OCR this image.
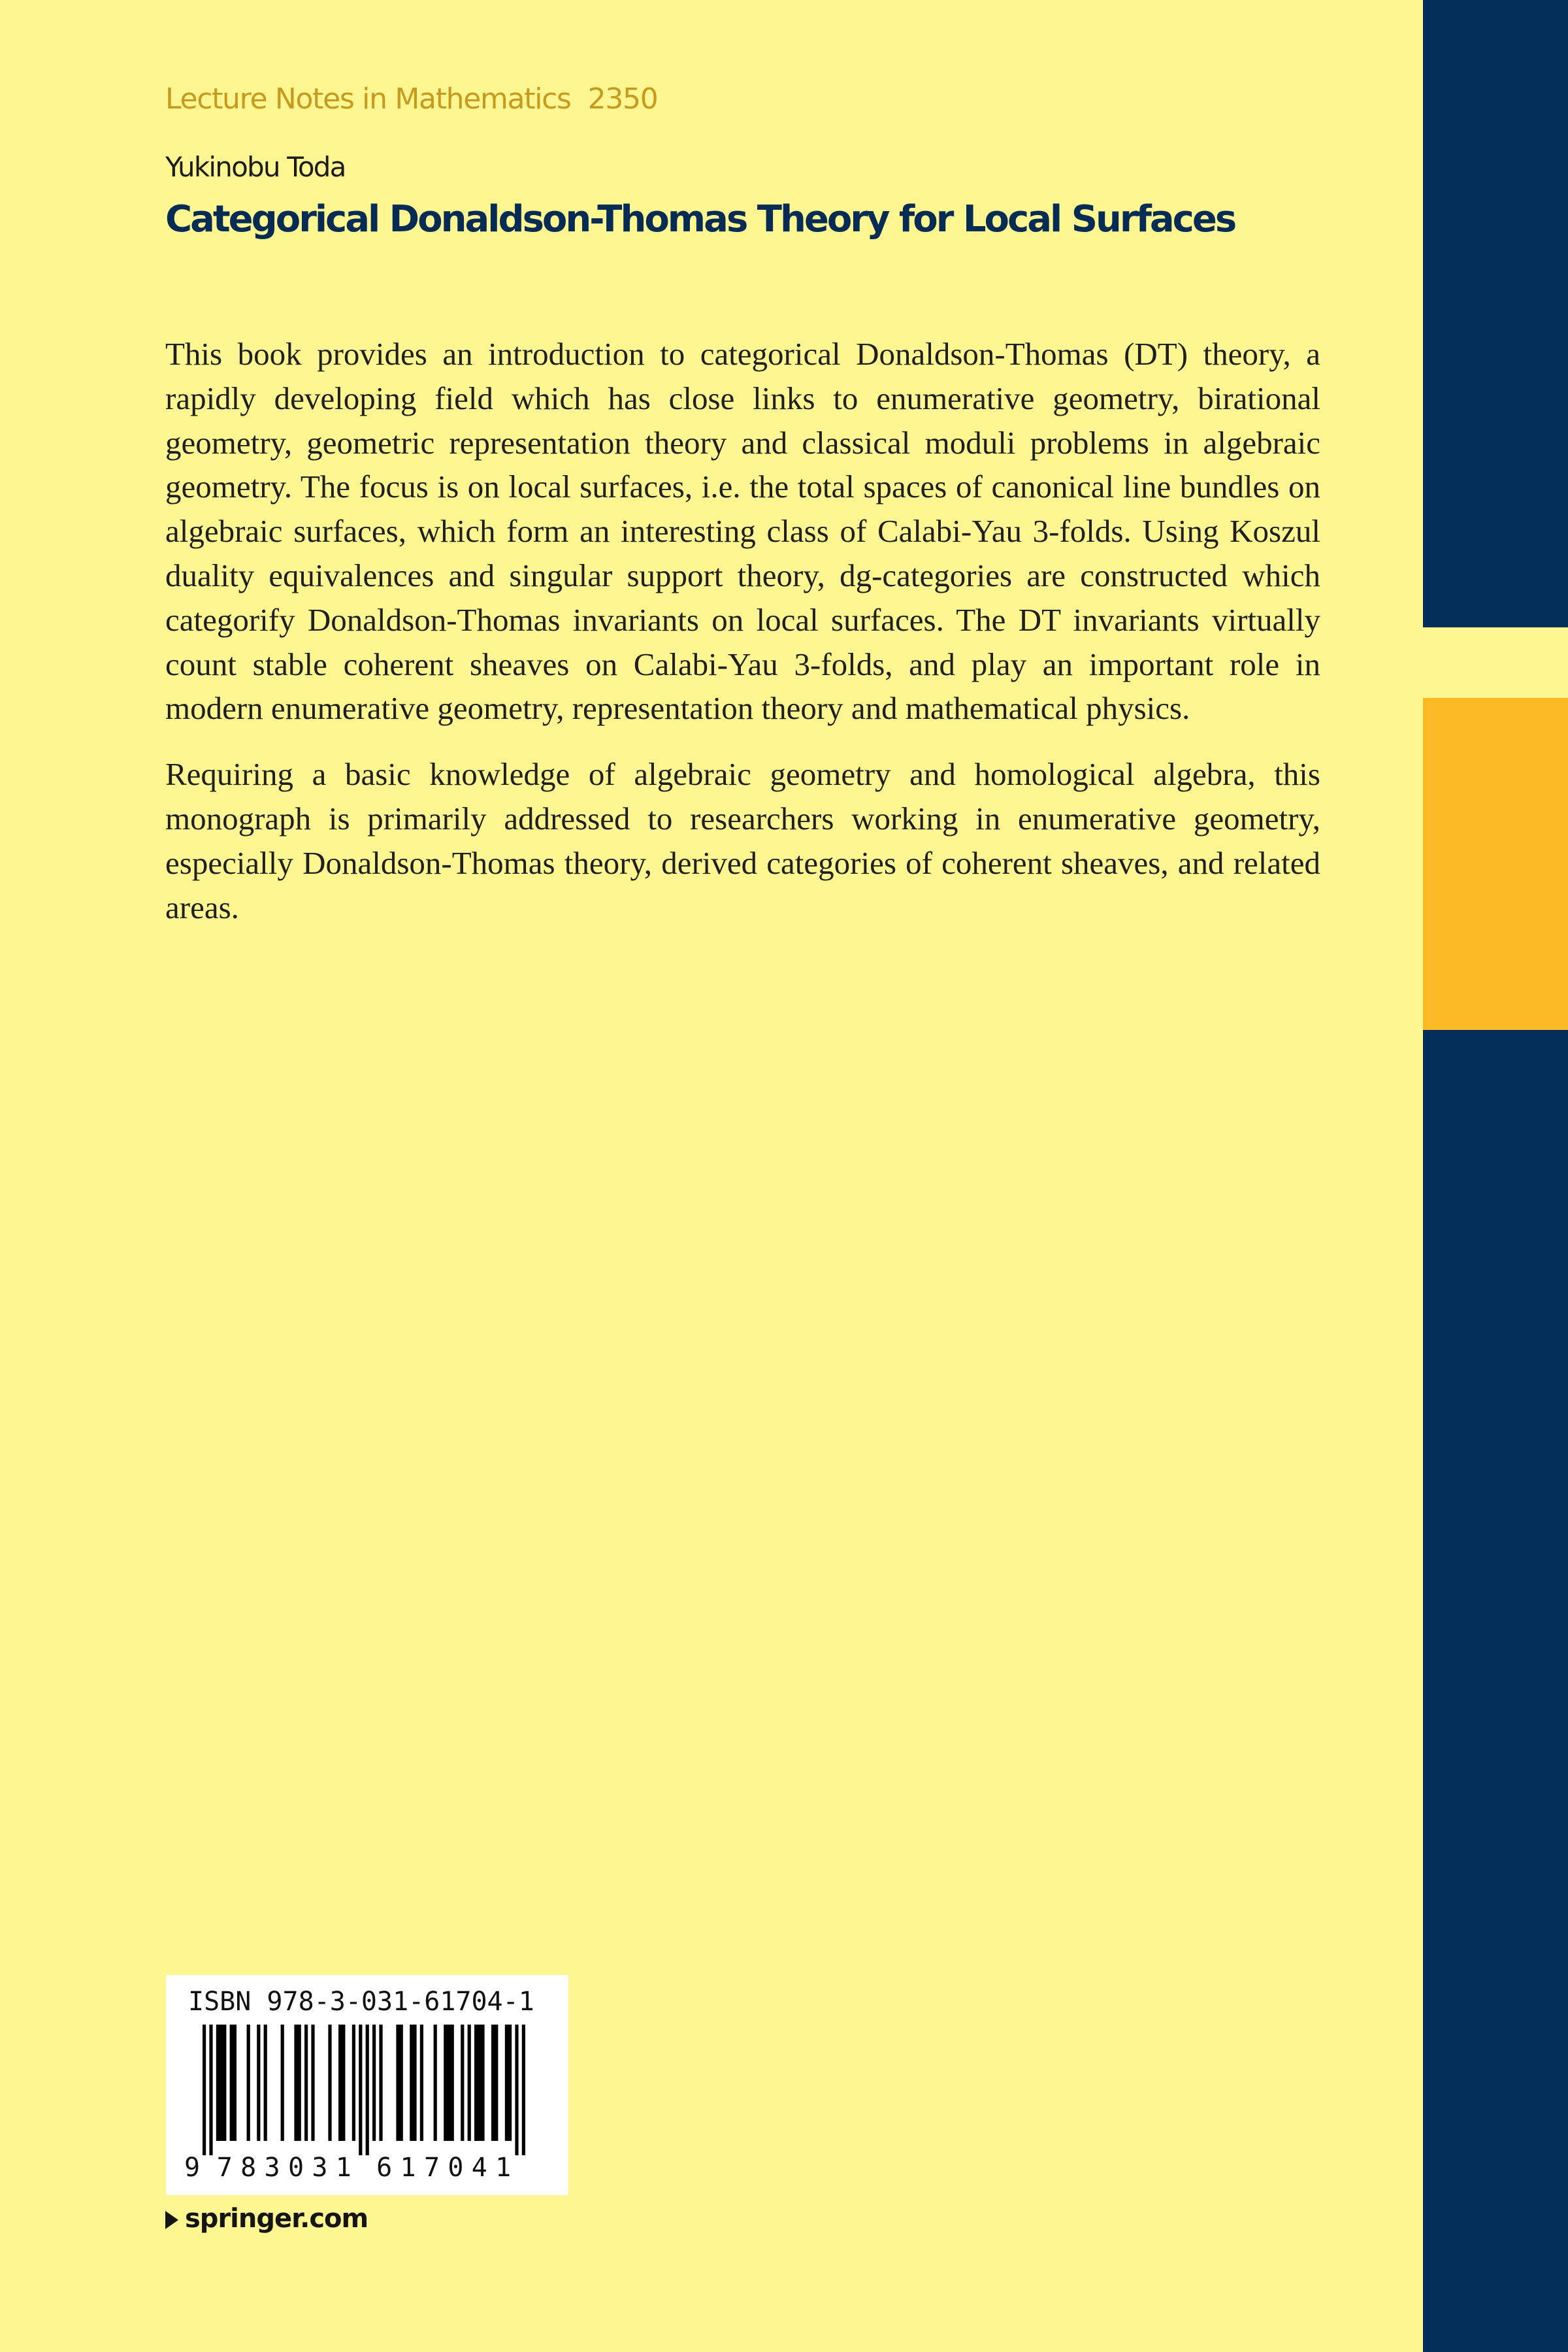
Lecture Notes in Mathematics 2350
Yukinobu Toda
Categorical Donaldson-Thomas Theory for Local Surfaces

This book provides an introduction to categorical Donaldson-Thomas (DT) theory, a rapidly developing field which has close links to enumerative geometry, birational geometry, geometric representation theory and classical moduli problems in algebraic geometry. The focus is on local surfaces, i.e. the total spaces of canonical line bundles on algebraic surfaces, which form an interesting class of Calabi-Yau 3-folds. Using Koszul duality equivalences and singular support theory, dg-categories are constructed which categorify Donaldson-Thomas invariants on local surfaces. The DT invariants virtually count stable coherent sheaves on Calabi-Yau 3-folds, and play an important role in modern enumerative geometry, representation theory and mathematical physics.

Requiring a basic knowledge of algebraic geometry and homological algebra, this monograph is primarily addressed to researchers working in enumerative geometry, especially Donaldson-Thomas theory, derived categories of coherent sheaves, and related areas.

ISBN 978-3-031-61704-1
9 7 8 3 0 3 1 6 1 7 0 4 1
springer.com
